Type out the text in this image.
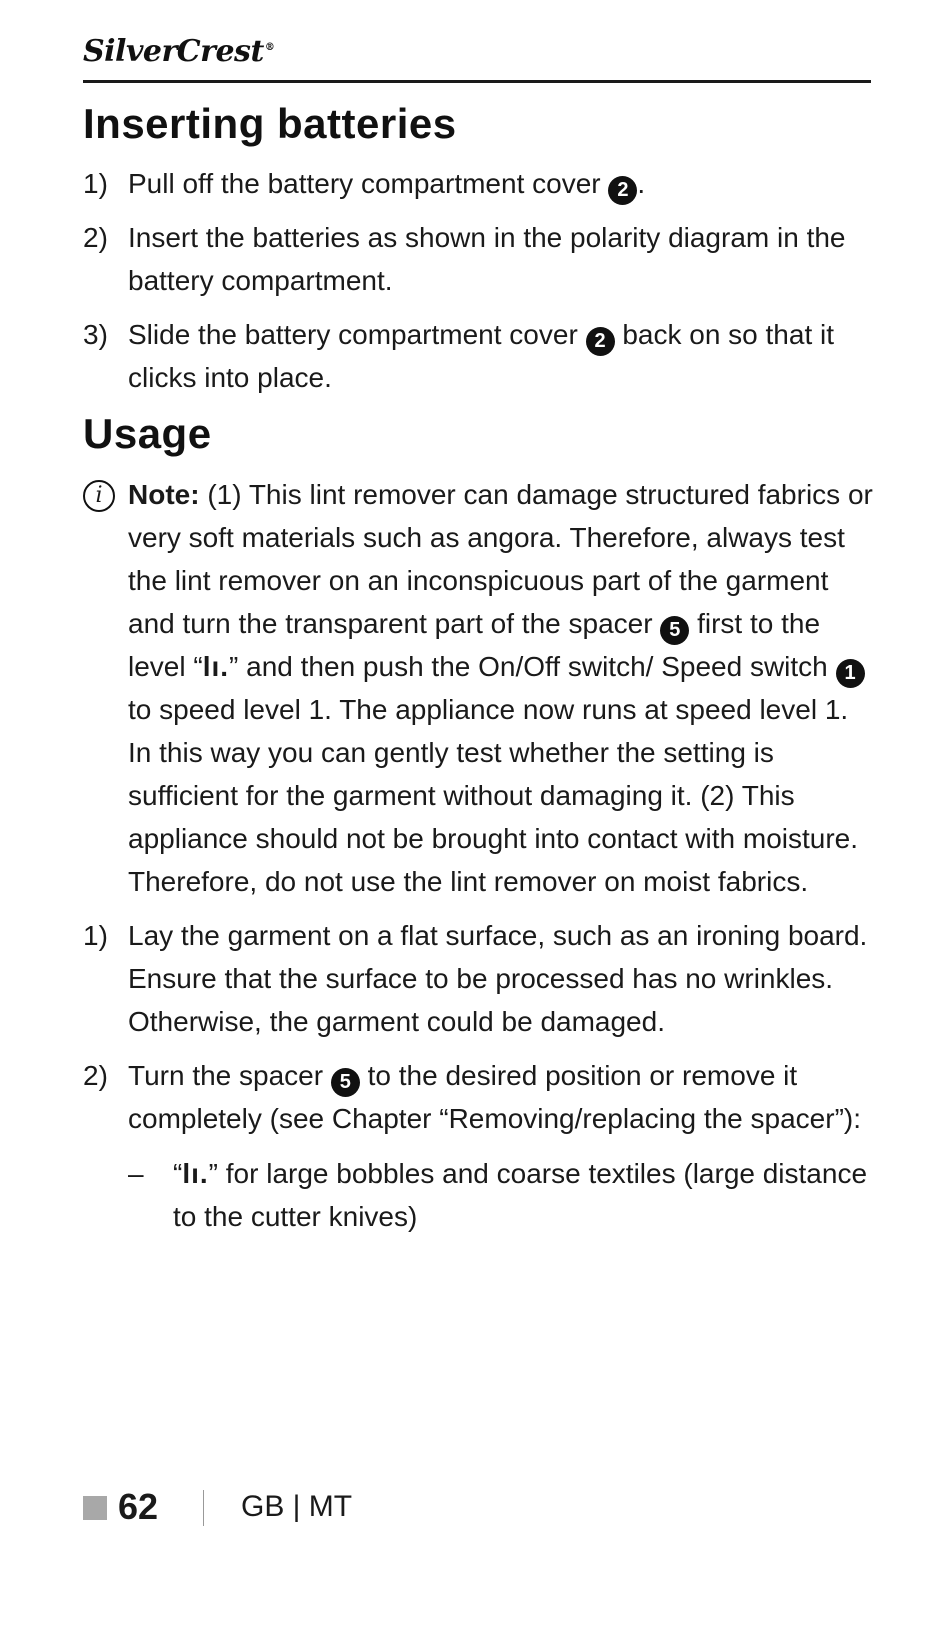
SilverCrest®
Inserting batteries
1) Pull off the battery compartment cover 2 .
2) Insert the batteries as shown in the polarity diagram in the battery compartment.
3) Slide the battery compartment cover 2 back on so that it clicks into place.
Usage
i Note: (1) This lint remover can damage structured fabrics or very soft materials such as angora. Therefore, always test the lint remover on an inconspicuous part of the garment and turn the transparent part of the spacer 5 first to the level “lı.” and then push the On/Off switch/ Speed switch 1 to speed level 1. The appliance now runs at speed level 1. In this way you can gently test whether the setting is sufficient for the garment without damaging it. (2) This appliance should not be brought into contact with moisture. Therefore, do not use the lint remover on moist fabrics.
1) Lay the garment on a flat surface, such as an ironing board. Ensure that the surface to be processed has no wrinkles. Otherwise, the garment could be damaged.
2) Turn the spacer 5 to the desired position or remove it completely (see Chapter “Removing/replacing the spacer”):
– “lı.” for large bobbles and coarse textiles (large distance to the cutter knives)
62	GB | MT
